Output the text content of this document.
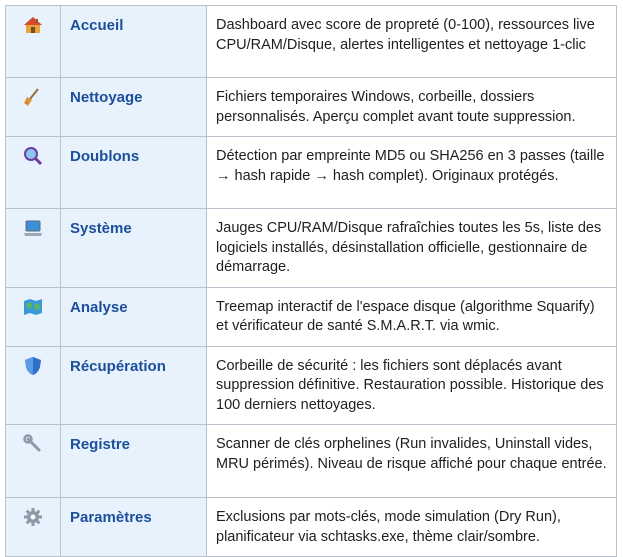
Accueil	Dashboard avec score de propreté (0-100), ressources live CPU/RAM/Disque, alertes intelligentes et nettoyage 1-clic

Nettoyage	Fichiers temporaires Windows, corbeille, dossiers personnalisés. Aperçu complet avant toute suppression.

Doublons	Détection par empreinte MD5 ou SHA256 en 3 passes (taille → hash rapide → hash complet). Originaux protégés.

Système	Jauges CPU/RAM/Disque rafraîchies toutes les 5s, liste des logiciels installés, désinstallation officielle, gestionnaire de démarrage.

Analyse	Treemap interactif de l'espace disque (algorithme Squarify) et vérificateur de santé S.M.A.R.T. via wmic.

Récupération	Corbeille de sécurité : les fichiers sont déplacés avant suppression définitive. Restauration possible. Historique des 100 derniers nettoyages.

Registre	Scanner de clés orphelines (Run invalides, Uninstall vides, MRU périmés). Niveau de risque affiché pour chaque entrée.

Paramètres	Exclusions par mots-clés, mode simulation (Dry Run), planificateur via schtasks.exe, thème clair/sombre.
